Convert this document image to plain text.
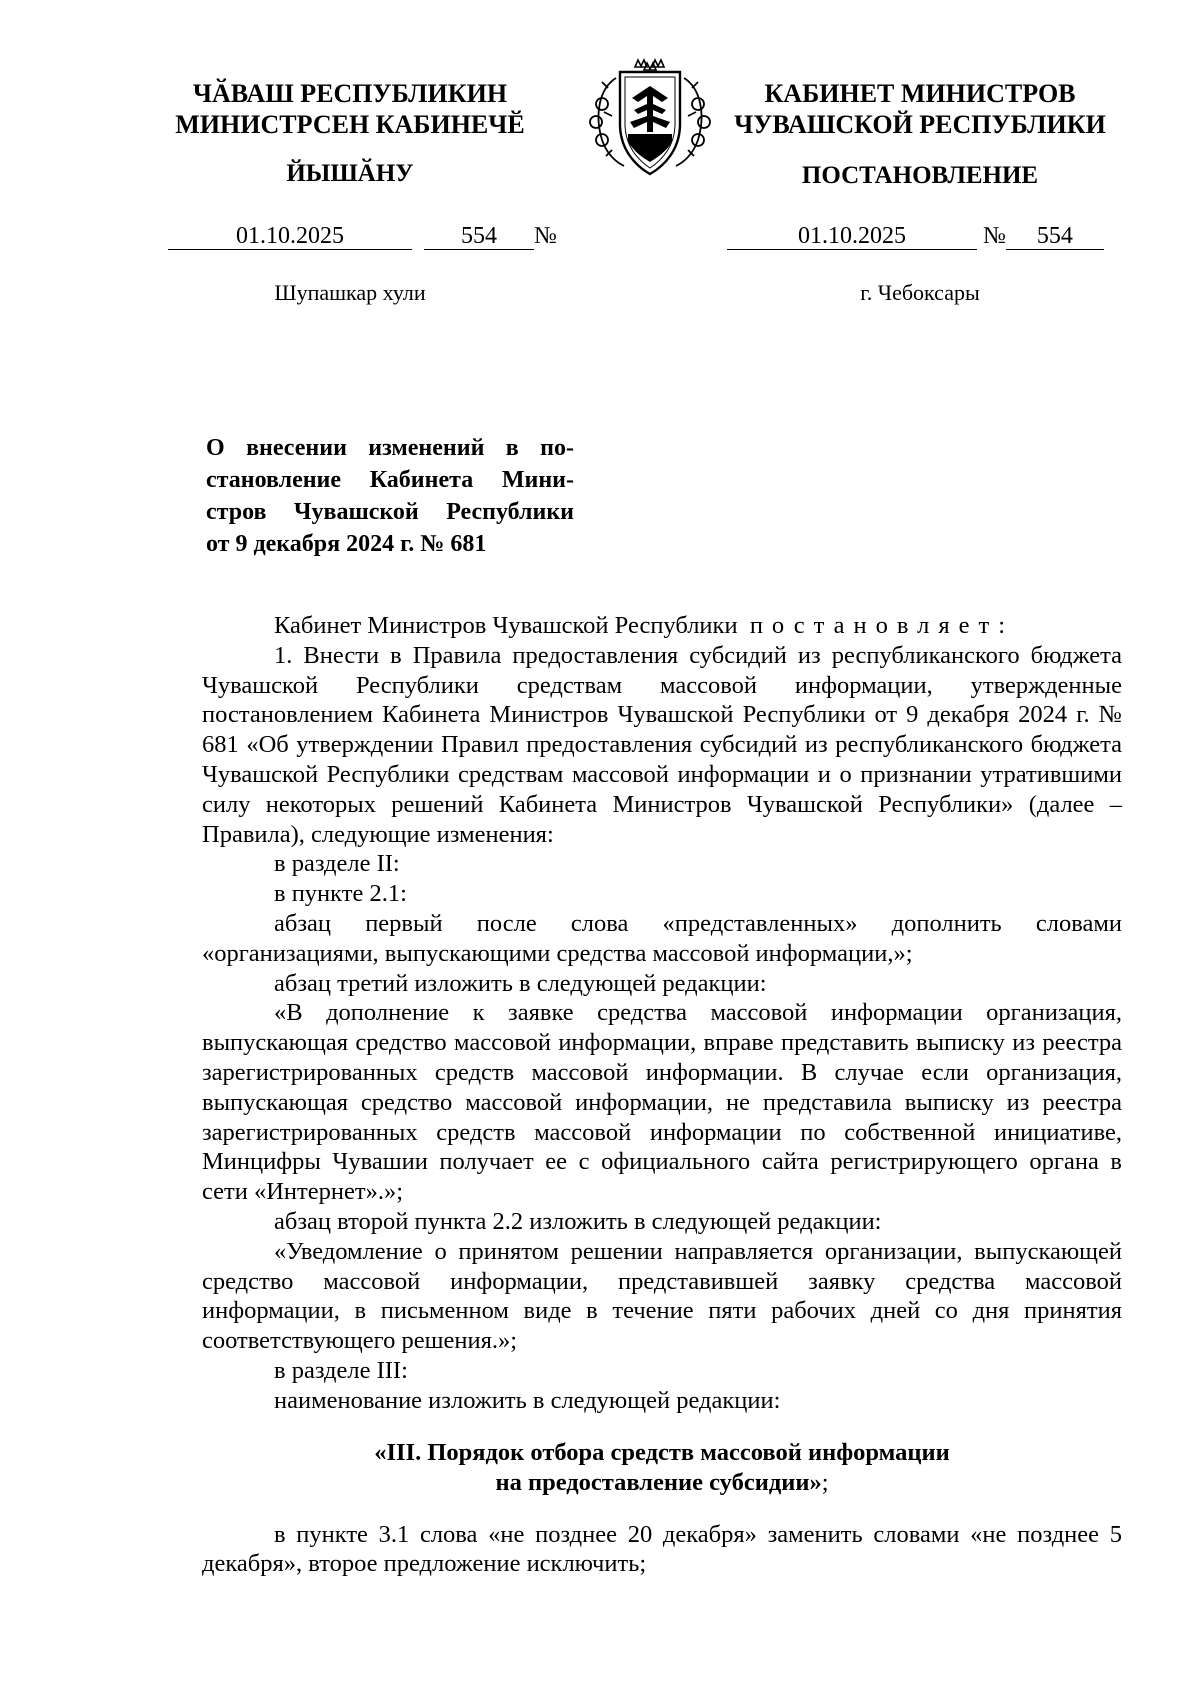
ЧӐВАШ РЕСПУБЛИКИН
МИНИСТРСЕН КАБИНЕЧӖ
ЙЫШӐНУ
КАБИНЕТ МИНИСТРОВ
ЧУВАШСКОЙ РЕСПУБЛИКИ
ПОСТАНОВЛЕНИЕ
01.10.2025	554 №	01.10.2025	№ 554
Шупашкар хули	г. Чебоксары
О внесении изменений в по-
становление Кабинета Мини-
стров Чувашской Республики
от 9 декабря 2024 г. № 681

Кабинет Министров Чувашской Республики постановляет:

1. Внести в Правила предоставления субсидий из республиканского бюджета Чувашской Республики средствам массовой информации, утвержденные постановлением Кабинета Министров Чувашской Республики от 9 декабря 2024 г. № 681 «Об утверждении Правил предоставления субсидий из республиканского бюджета Чувашской Республики средствам массовой информации и о признании утратившими силу некоторых решений Кабинета Министров Чувашской Республики» (далее – Правила), следующие изменения:

в разделе II:

в пункте 2.1:

абзац первый после слова «представленных» дополнить словами «организациями, выпускающими средства массовой информации,»;

абзац третий изложить в следующей редакции:

«В дополнение к заявке средства массовой информации организация, выпускающая средство массовой информации, вправе представить выписку из реестра зарегистрированных средств массовой информации. В случае если организация, выпускающая средство массовой информации, не представила выписку из реестра зарегистрированных средств массовой информации по собственной инициативе, Минцифры Чувашии получает ее с официального сайта регистрирующего органа в сети «Интернет».»;

абзац второй пункта 2.2 изложить в следующей редакции:

«Уведомление о принятом решении направляется организации, выпускающей средство массовой информации, представившей заявку средства массовой информации, в письменном виде в течение пяти рабочих дней со дня принятия соответствующего решения.»;

в разделе III:

наименование изложить в следующей редакции:

«III. Порядок отбора средств массовой информации
на предоставление субсидии»;

в пункте 3.1 слова «не позднее 20 декабря» заменить словами «не позднее 5 декабря», второе предложение исключить;
